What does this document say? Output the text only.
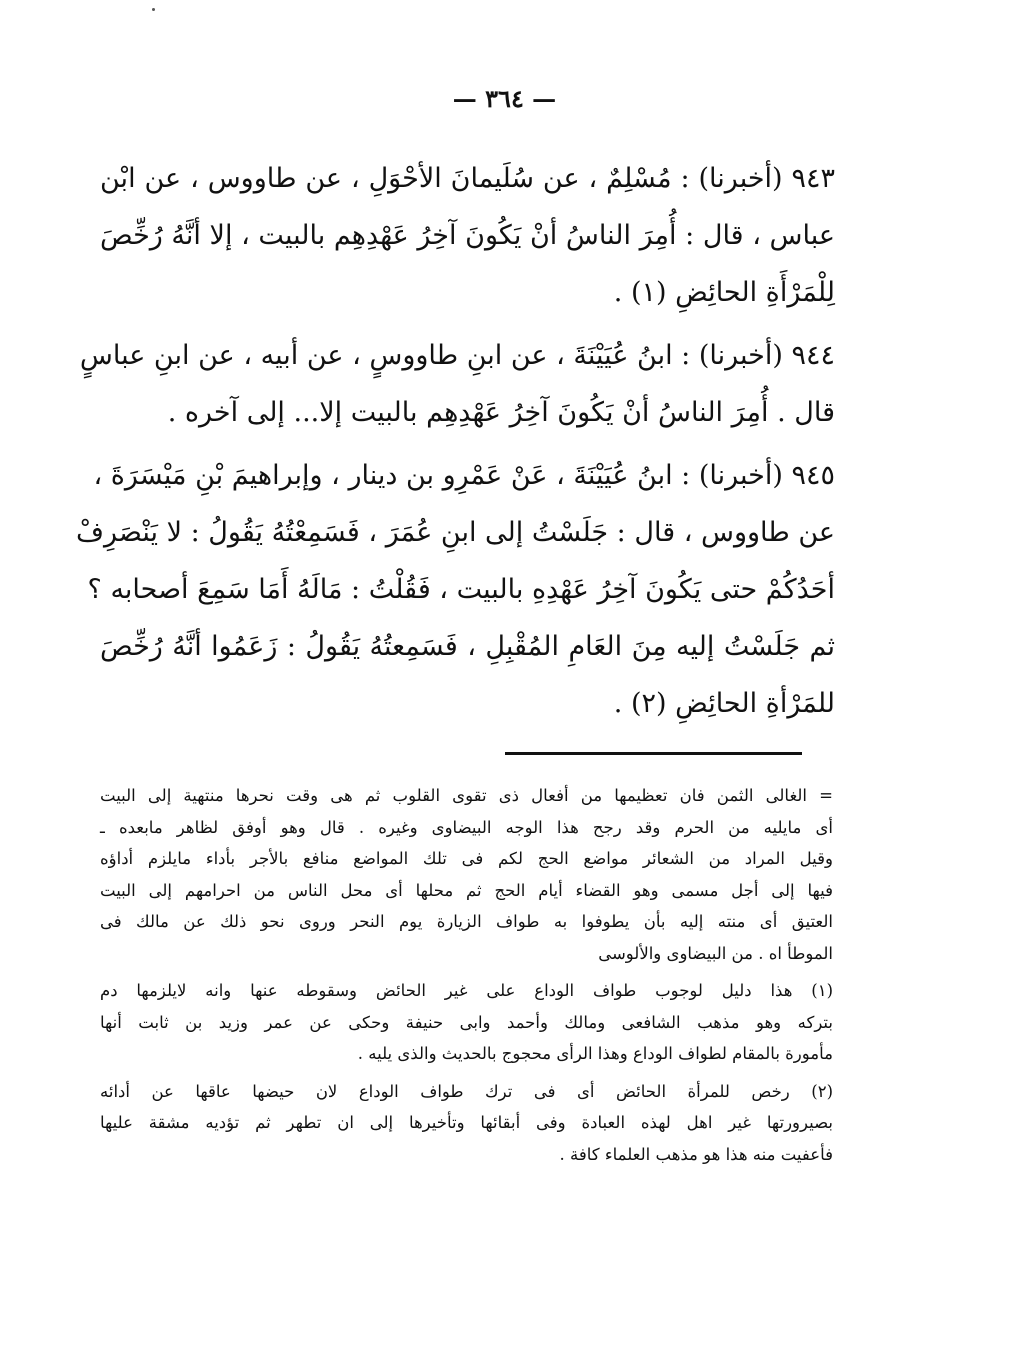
— ٣٦٤ —

٩٤٣ (أخبرنا) : مُسْلِمٌ ، عن سُلَيمانَ الأحْوَلِ ، عن طاووس ، عن ابْن
عباس ، قال : أُمِرَ الناسُ أنْ يَكُونَ آخِرُ عَهْدِهِم بالبيت ، إلا أنَّهُ رُخِّصَ
لِلْمَرْأَةِ الحائِضِ (١) .

٩٤٤ (أخبرنا) : ابنُ عُيَيْنَةَ ، عن ابنِ طاووسٍ ، عن أبيه ، عن ابنِ عباسٍ
قال . أُمِرَ الناسُ أنْ يَكُونَ آخِرُ عَهْدِهِم بالبيت إلا... إلى آخره .

٩٤٥ (أخبرنا) : ابنُ عُيَيْنَةَ ، عَنْ عَمْرِو بن دينار ، وإبراهيمَ بْنِ مَيْسَرَةَ ،
عن طاووس ، قال : جَلَسْتُ إلى ابنِ عُمَرَ ، فَسَمِعْتُهُ يَقُولُ : لا يَنْصَرِفْ
أحَدُكُمْ حتى يَكُونَ آخِرُ عَهْدِهِ بالبيت ، فَقُلْتُ : مَالَهُ أَمَا سَمِعَ أصحابه ؟
ثم جَلَسْتُ إليه مِنَ العَامِ المُقْبِلِ ، فَسَمِعتُهُ يَقُولُ : زَعَمُوا أنَّهُ رُخِّصَ
للمَرْأةِ الحائِضِ (٢) .

= الغالى الثمن فان تعظيمها من أفعال ذى تقوى القلوب ثم هى وقت نحرها منتهية إلى البيت
أى مايليه من الحرم وقد رجح هذا الوجه البيضاوى وغيره . قال وهو أوفق لظاهر مابعده ـ
وقيل المراد من الشعائر مواضع الحج لكم فى تلك المواضع منافع بالأجر بأداء مايلزم أداؤه
فيها إلى أجل مسمى وهو القضاء أيام الحج ثم محلها أى محل الناس من احرامهم إلى البيت
العتيق أى منته إليه بأن يطوفوا به طواف الزيارة يوم النحر وروى نحو ذلك عن مالك فى
الموطأ اه . من البيضاوى والألوسى
(١) هذا دليل لوجوب طواف الوداع على غير الحائض وسقوطه عنها وانه لايلزمها دم
بتركه وهو مذهب الشافعى ومالك وأحمد وابى حنيفة وحكى عن عمر وزيد بن ثابت أنها
مأمورة بالمقام لطواف الوداع وهذا الرأى محجوج بالحديث والذى يليه .
(٢) رخص للمرأة الحائض أى فى ترك طواف الوداع لان حيضها عاقها عن أدائه
بصيرورتها غير اهل لهذه العبادة وفى أبقائها وتأخيرها إلى ان تطهر ثم تؤديه مشقة عليها
فأعفيت منه هذا هو مذهب العلماء كافة .
